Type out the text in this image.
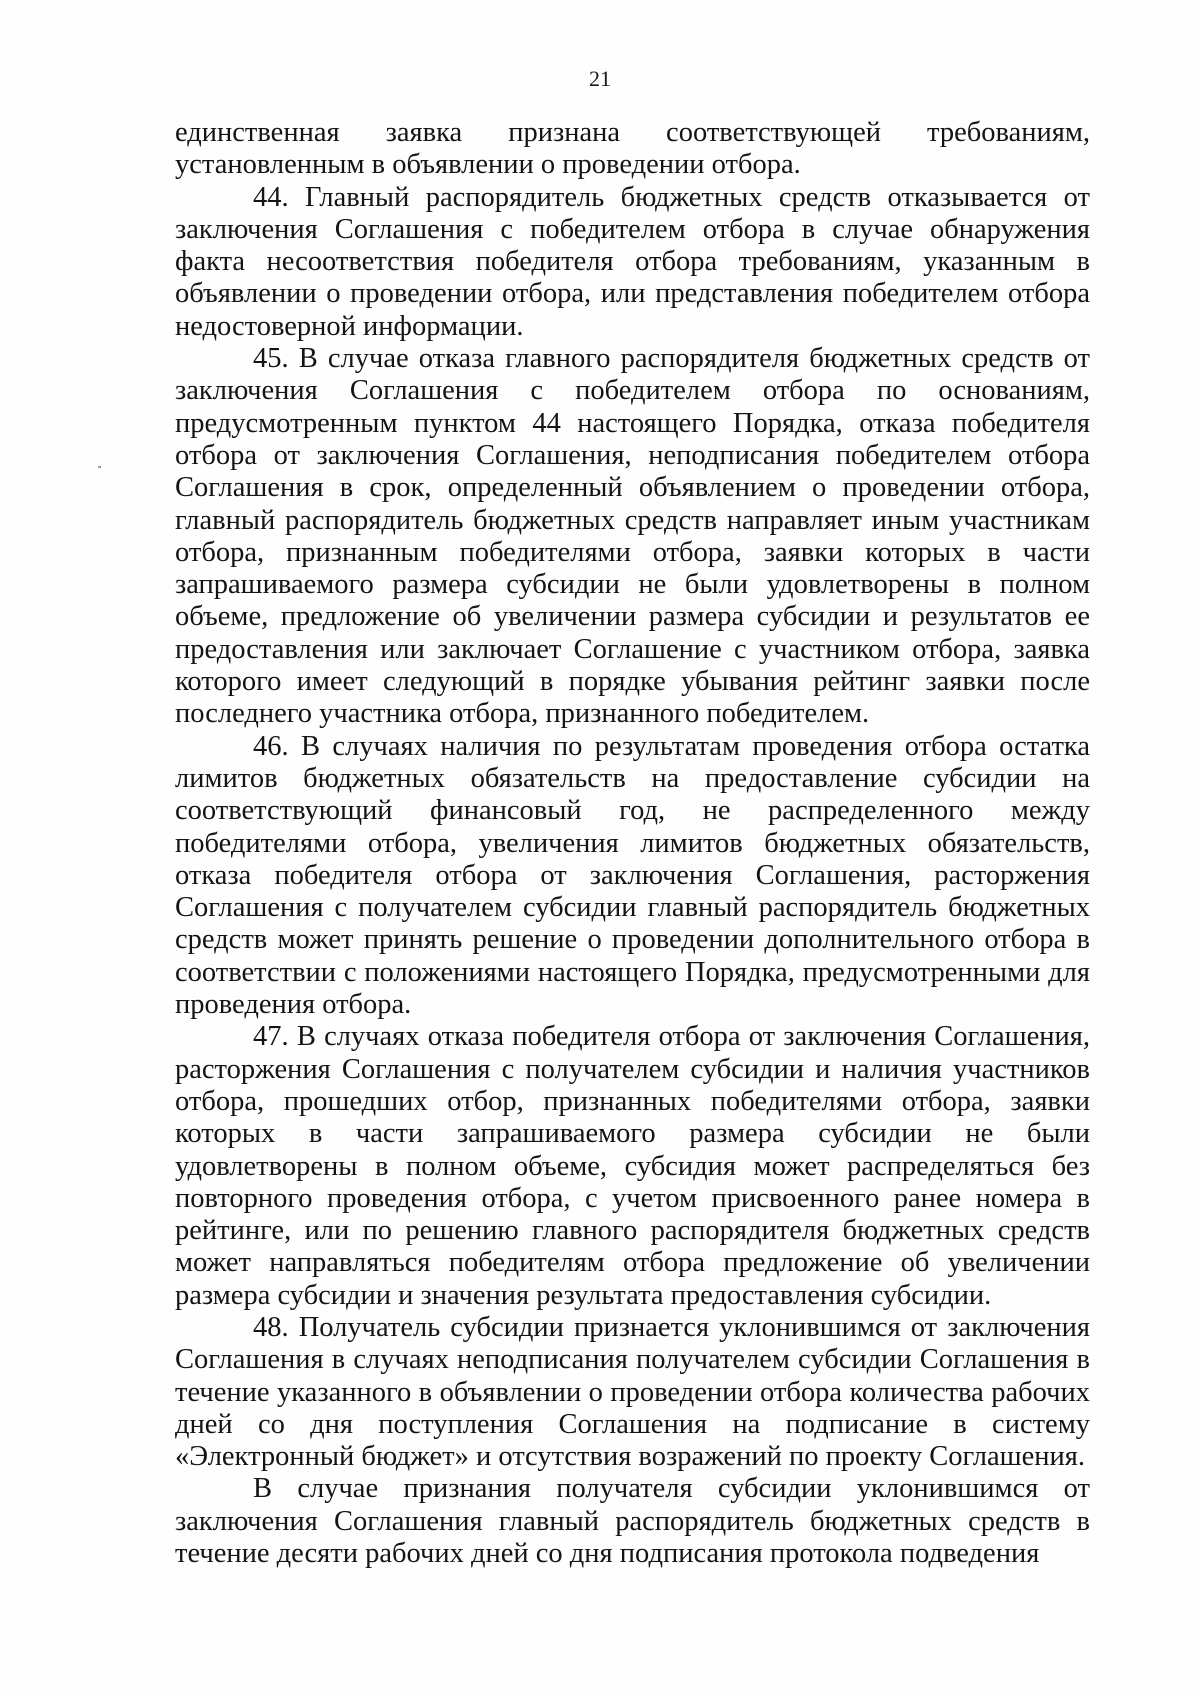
21

единственная заявка признана соответствующей требованиям, установленным в объявлении о проведении отбора.

44. Главный распорядитель бюджетных средств отказывается от заключения Соглашения с победителем отбора в случае обнаружения факта несоответствия победителя отбора требованиям, указанным в объявлении о проведении отбора, или представления победителем отбора недостоверной информации.

45. В случае отказа главного распорядителя бюджетных средств от заключения Соглашения с победителем отбора по основаниям, предусмотренным пунктом 44 настоящего Порядка, отказа победителя отбора от заключения Соглашения, неподписания победителем отбора Соглашения в срок, определенный объявлением о проведении отбора, главный распорядитель бюджетных средств направляет иным участникам отбора, признанным победителями отбора, заявки которых в части запрашиваемого размера субсидии не были удовлетворены в полном объеме, предложение об увеличении размера субсидии и результатов ее предоставления или заключает Соглашение с участником отбора, заявка которого имеет следующий в порядке убывания рейтинг заявки после последнего участника отбора, признанного победителем.

46. В случаях наличия по результатам проведения отбора остатка лимитов бюджетных обязательств на предоставление субсидии на соответствующий финансовый год, не распределенного между победителями отбора, увеличения лимитов бюджетных обязательств, отказа победителя отбора от заключения Соглашения, расторжения Соглашения с получателем субсидии главный распорядитель бюджетных средств может принять решение о проведении дополнительного отбора в соответствии с положениями настоящего Порядка, предусмотренными для проведения отбора.

47. В случаях отказа победителя отбора от заключения Соглашения, расторжения Соглашения с получателем субсидии и наличия участников отбора, прошедших отбор, признанных победителями отбора, заявки которых в части запрашиваемого размера субсидии не были удовлетворены в полном объеме, субсидия может распределяться без повторного проведения отбора, с учетом присвоенного ранее номера в рейтинге, или по решению главного распорядителя бюджетных средств может направляться победителям отбора предложение об увеличении размера субсидии и значения результата предоставления субсидии.

48. Получатель субсидии признается уклонившимся от заключения Соглашения в случаях неподписания получателем субсидии Соглашения в течение указанного в объявлении о проведении отбора количества рабочих дней со дня поступления Соглашения на подписание в систему «Электронный бюджет» и отсутствия возражений по проекту Соглашения.

В случае признания получателя субсидии уклонившимся от заключения Соглашения главный распорядитель бюджетных средств в течение десяти рабочих дней со дня подписания протокола подведения
